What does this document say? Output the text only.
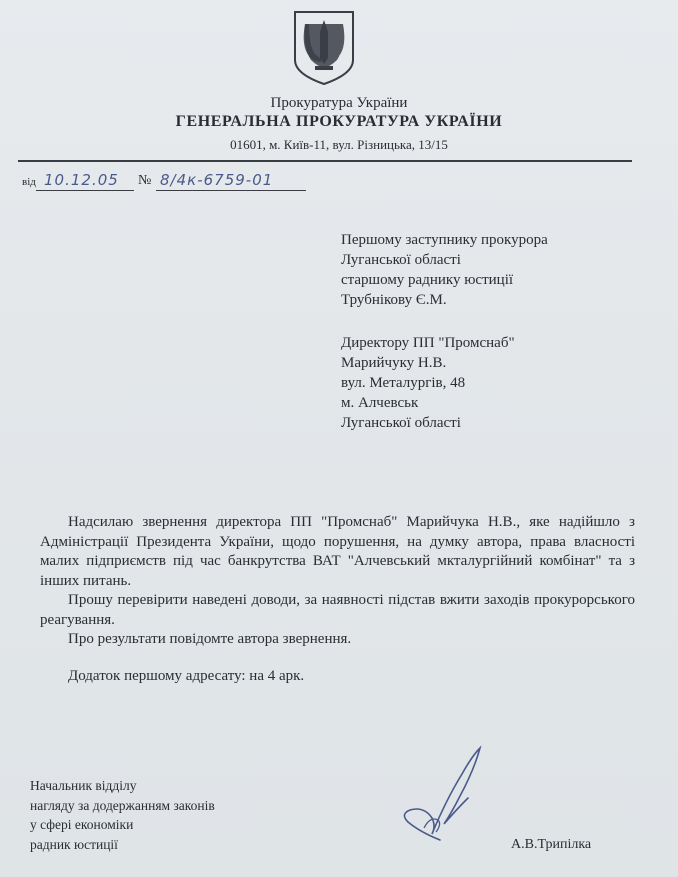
Прокуратура України
ГЕНЕРАЛЬНА ПРОКУРАТУРА УКРАЇНИ
01601, м. Київ-11, вул. Різницька, 13/15
від 10.12.05 № 8/4к-6759-01
Першому заступнику прокурора
Луганської області
старшому раднику юстиції
Трубнікову Є.М.
Директору ПП "Промснаб"
Марийчуку Н.В.
вул. Металургів, 48
м. Алчевськ
Луганської області

Надсилаю звернення директора ПП "Промснаб" Марийчука Н.В., яке надійшло з Адміністрації Президента України, щодо порушення, на думку автора, права власності малих підприємств під час банкрутства ВАТ "Алчевський мкталургійний комбінат" та з інших питань.

Прошу перевірити наведені доводи, за наявності підстав вжити заходів прокурорського реагування.

Про результати повідомте автора звернення.

Додаток першому адресату: на 4 арк.

Начальник відділу
нагляду за додержанням законів
у сфері економіки
радник юстиції	А.В.Трипілка
